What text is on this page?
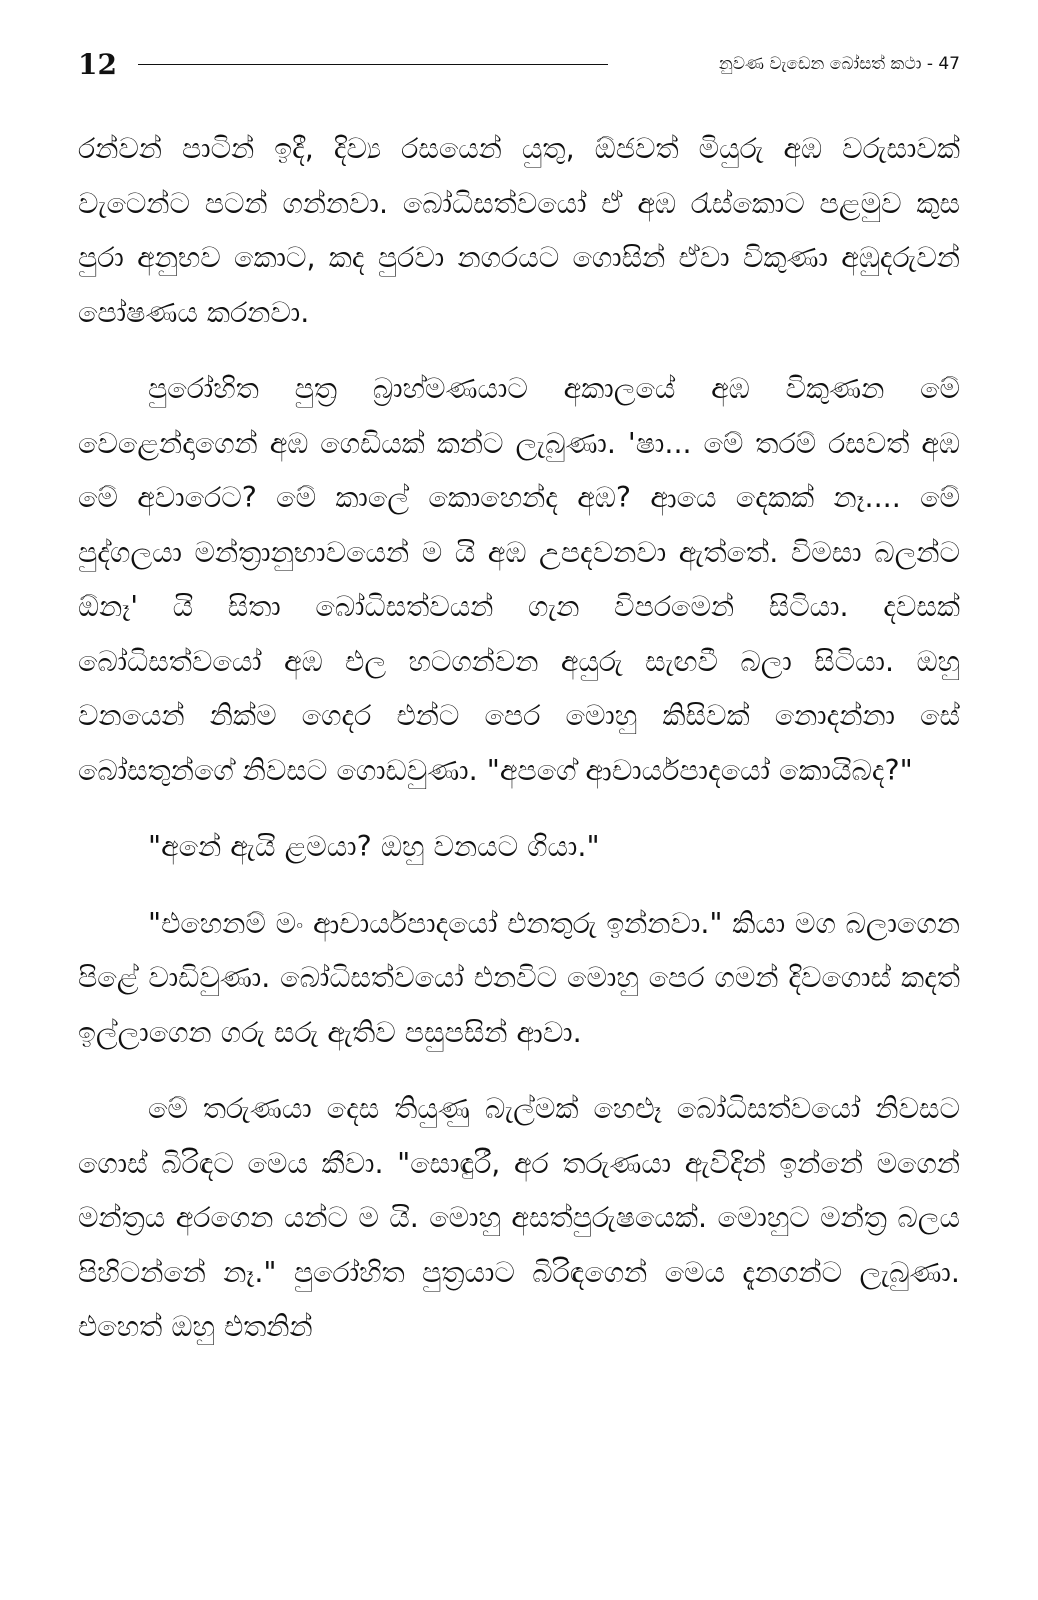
12	නුවණ වැඩෙන බෝසත් කථා - 47

රන්වන් පාටින් ඉදී, දිව්‍ය රසයෙන් යුතු, ඕජවත් මියුරු අඹ වරුසාවක් වැටෙන්ට පටන් ගන්නවා. බෝධිසත්වයෝ ඒ අඹ රැස්කොට පළමුව කුස පුරා අනුභව කොට, කද පුරවා නගරයට ගොසින් ඒවා විකුණා අඹුදරුවන් පෝෂණය කරනවා.

පුරෝහිත පුත්‍ර බ්‍රාහ්මණයාට අකාලයේ අඹ විකුණන මේ වෙළෙන්දාගෙන් අඹ ගෙඩියක් කන්ට ලැබුණා. 'ෂා... මේ තරම් රසවත් අඹ මේ අවාරෙට? මේ කාලේ කොහෙන්ද අඹ? ආයෙ දෙකක් නෑ.... මේ පුද්ගලයා මන්ත්‍රානුභාවයෙන් ම යි අඹ උපදවනවා ඇත්තේ. විමසා බලන්ට ඕනෑ' යි සිතා බෝධිසත්වයන් ගැන විපරමෙන් සිටියා. දවසක් බෝධිසත්වයෝ අඹ එල හටගන්වන අයුරු සැඟවී බලා සිටියා. ඔහු වනයෙන් නික්ම ගෙදර එන්ට පෙර මොහු කිසිවක් නොදන්නා සේ බෝසතුන්ගේ නිවසට ගොඩවුණා. "අපගේ ආචාර්යපාදයෝ කොයිබද?"

"අනේ ඇයි ළමයා? ඔහු වනයට ගියා."

"එහෙනම් මං ආචාර්යපාදයෝ එනතුරු ඉන්නවා." කියා මග බලාගෙන පිළේ වාඩිවුණා. බෝධිසත්වයෝ එනවිට මොහු පෙර ගමන් දිවගොස් කදත් ඉල්ලාගෙන ගරු සරු ඇතිව පසුපසින් ආවා.

මේ තරුණයා දෙස තියුණු බැල්මක් හෙළූ බෝධිසත්වයෝ නිවසට ගොස් බිරිඳට මෙය කීවා. "සොඳුරී, අර තරුණයා ඇවිදින් ඉන්නේ මගෙන් මන්ත්‍රය අරගෙන යන්ට ම යි. මොහු අසත්පුරුෂයෙක්. මොහුට මන්ත්‍ර බලය පිහිටන්නේ නෑ." පුරෝහිත පුත්‍රයාට බිරිඳගෙන් මෙය දැනගන්ට ලැබුණා. එහෙත් ඔහු එතනින්
